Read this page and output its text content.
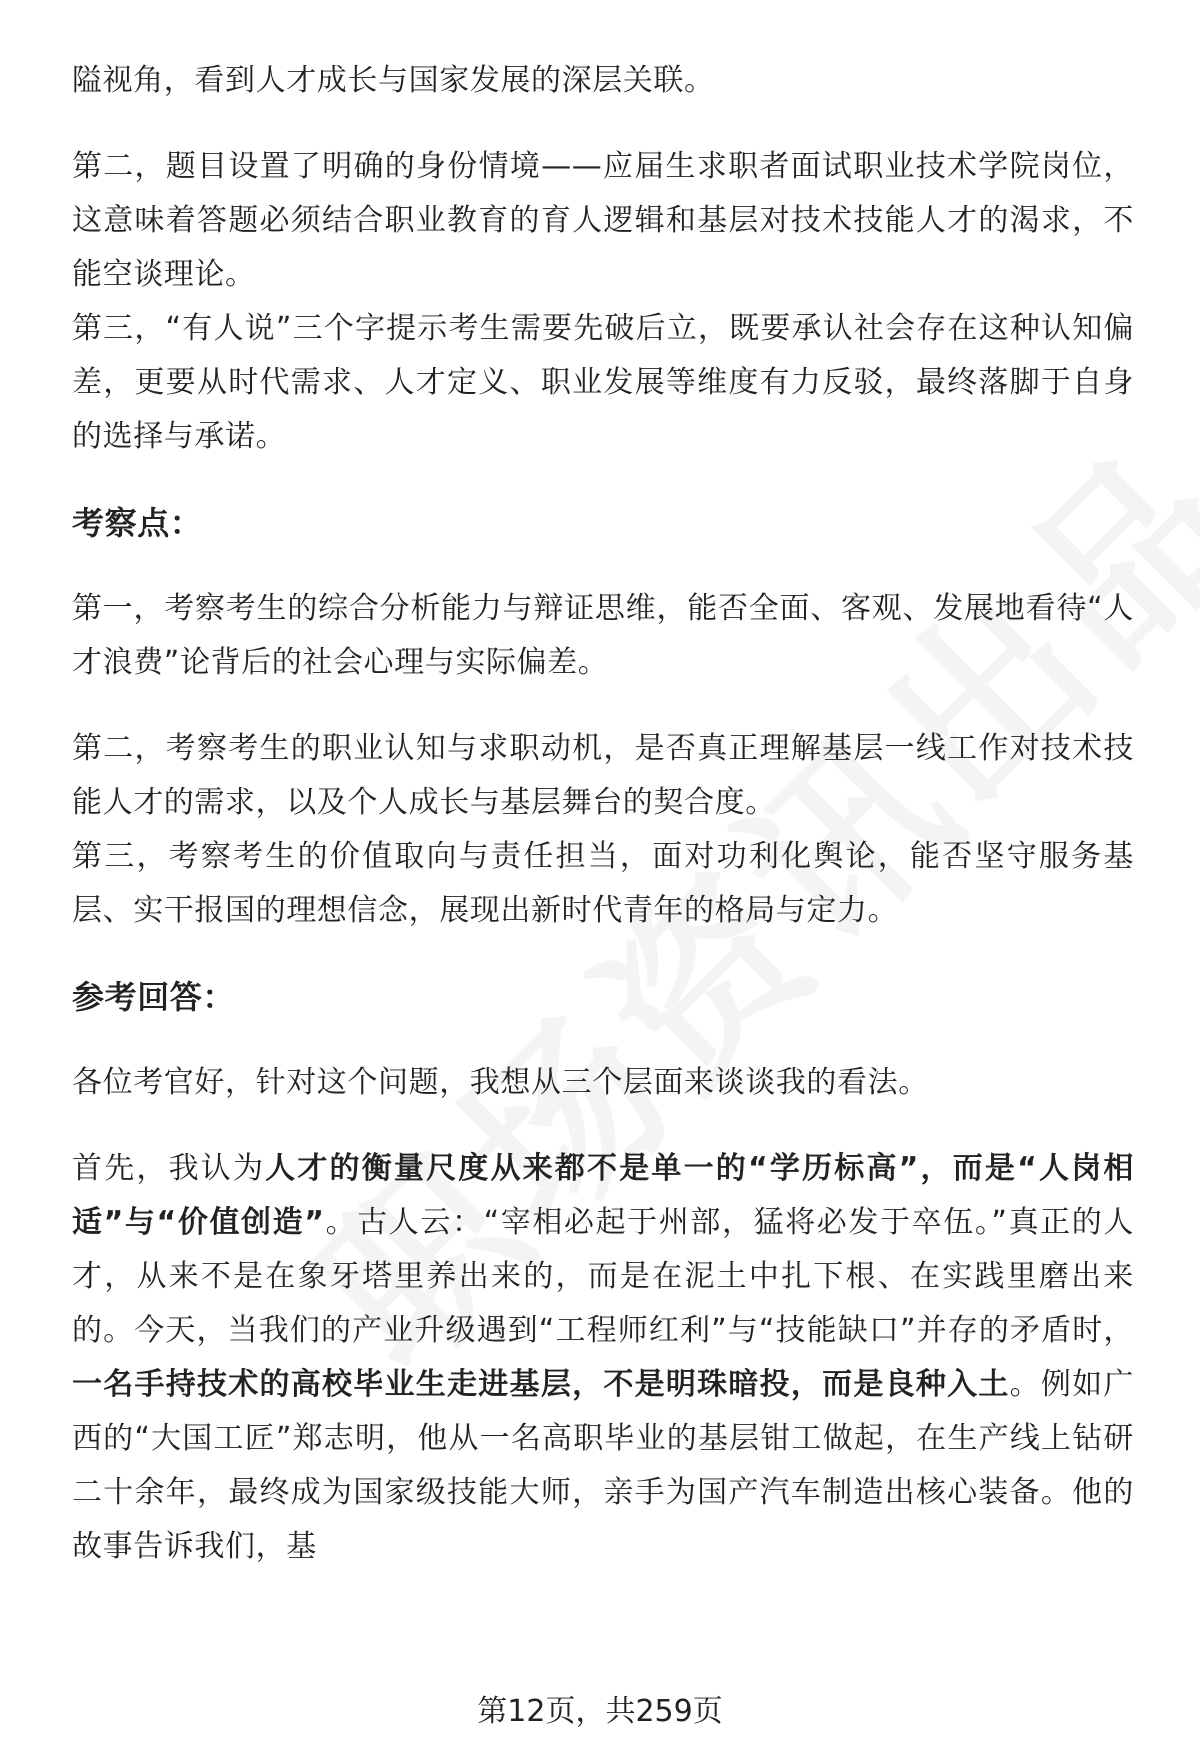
隘视角，看到人才成长与国家发展的深层关联。

第二，题目设置了明确的身份情境——应届生求职者面试职业技术学院岗位，这意味着答题必须结合职业教育的育人逻辑和基层对技术技能人才的渴求，不能空谈理论。

第三，“有人说”三个字提示考生需要先破后立，既要承认社会存在这种认知偏差，更要从时代需求、人才定义、职业发展等维度有力反驳，最终落脚于自身的选择与承诺。

考察点：

第一，考察考生的综合分析能力与辩证思维，能否全面、客观、发展地看待“人才浪费”论背后的社会心理与实际偏差。

第二，考察考生的职业认知与求职动机，是否真正理解基层一线工作对技术技能人才的需求，以及个人成长与基层舞台的契合度。

第三，考察考生的价值取向与责任担当，面对功利化舆论，能否坚守服务基层、实干报国的理想信念，展现出新时代青年的格局与定力。

参考回答：

各位考官好，针对这个问题，我想从三个层面来谈谈我的看法。

首先，我认为人才的衡量尺度从来都不是单一的“学历标高”，而是“人岗相适”与“价值创造”。古人云：“宰相必起于州部，猛将必发于卒伍。”真正的人才，从来不是在象牙塔里养出来的，而是在泥土中扎下根、在实践里磨出来的。今天，当我们的产业升级遇到“工程师红利”与“技能缺口”并存的矛盾时，一名手持技术的高校毕业生走进基层，不是明珠暗投，而是良种入土。例如广西的“大国工匠”郑志明，他从一名高职毕业的基层钳工做起，在生产线上钻研二十余年，最终成为国家级技能大师，亲手为国产汽车制造出核心装备。他的故事告诉我们，基

第12页，共259页
